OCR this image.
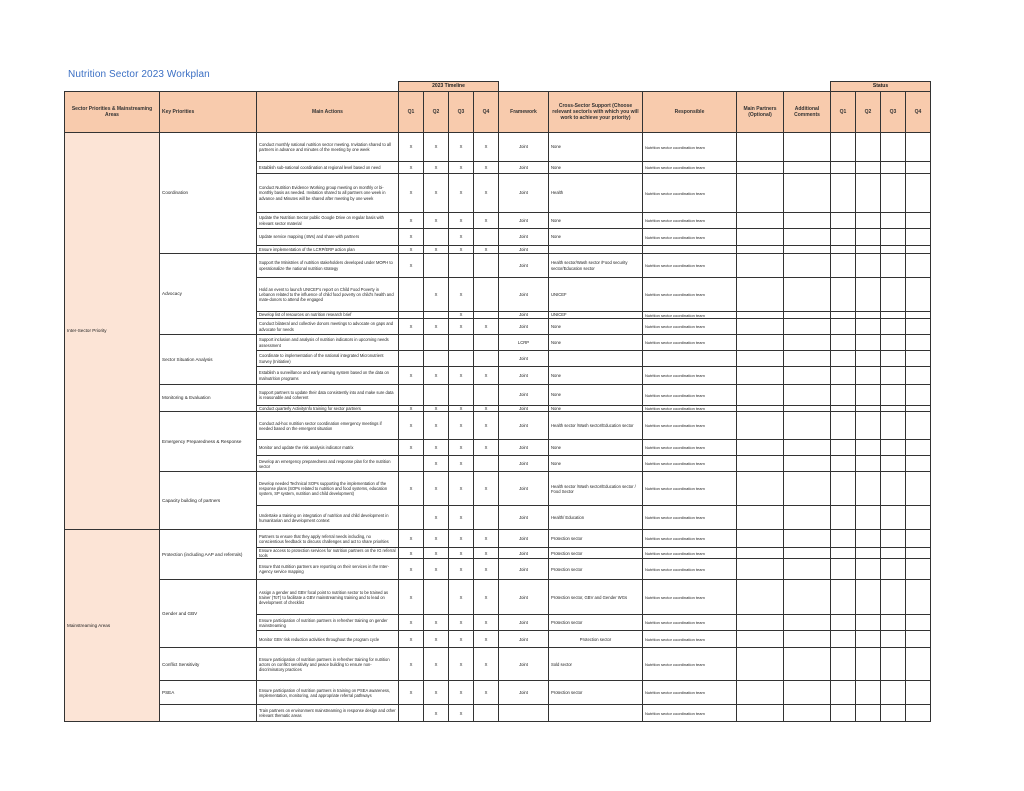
Nutrition Sector 2023 Workplan
			2023 Timeline									Status			
Sector Priorities & Mainstreaming Areas	Key Priorities	Main Actions	Q1	Q2	Q3	Q4	Framework	Cross-Sector Support (Choose relevant sector/s with which you will work to achieve your priority)	Responsible	Main Partners (Optional)	Additional Comments	Q1	Q2	Q3	Q4
Inter-Sector Priority	Coordination	Conduct monthly national nutrition sector meeting. Invitation shared to all partners in advance and minutes of the meeting by one week	X	X	X	X	Joint	None	Nutrition sector coordination team						
		Establish sub-national coordination at regional level based on need	X	X	X	X	Joint	None	Nutrition sector coordination team						
		Conduct Nutrition Evidence Working group meeting on monthly or bi-monthly basis as needed. Invitation shared to all partners one week in advance and Minutes will be shared after meeting by one week	X	X	X	X	Joint	Health	Nutrition sector coordination team						
		Update the Nutrition Sector public Google Drive on regular basis with relevant sector material	X	X	X	X	Joint	None	Nutrition sector coordination team						
		Update service mapping (4Ws) and share with partners	X		X		Joint	None	Nutrition sector coordination team						
		Ensure implementation of the LCRP/ERP action plan	X	X	X	X	Joint								
	Advocacy	Support the Ministries of nutrition stakeholders developed under MOPH to operationalize the national nutrition strategy	X				Joint	Health sector/Wash sector /Food security sector/Education sector	Nutrition sector coordination team						
		Hold an event to launch UNICEF's report on Child Food Poverty in Lebanon related to the influence of child food poverty on child's health and mate-donors to attend /be engaged		X	X		Joint	UNICEF	Nutrition sector coordination team						
		Develop list of resources on nutrition research brief			X		Joint	UNICEF	Nutrition sector coordination team						
		Conduct bilateral and collective donors meetings to advocate on gaps and advocate for needs	X	X	X	X	Joint	None	Nutrition sector coordination team						
	Sector Situation Analysis	Support inclusion and analysis of nutrition indicators in upcoming needs assessment					LCRP	None	Nutrition sector coordination team						
		Coordinate to implementation of the national integrated Micronutrient Survey (Initiative)					Joint								
		Establish a surveillance and early warning system based on the data on malnutrition programs	X	X	X	X	Joint	None	Nutrition sector coordination team						
	Monitoring & Evaluation	Support partners to update their data consistently into and make sure data is reasonable and coherent					Joint	None	Nutrition sector coordination team						
		Conduct quarterly ActivityInfo training for sector partners	X	X	X	X	Joint	None	Nutrition sector coordination team						
	Emergency Preparedness & Response	Conduct ad-hoc nutrition sector coordination emergency meetings if needed based on the emergent situation	X	X	X	X	Joint	Health sector /Wash sector/Education sector	Nutrition sector coordination team						
		Monitor and update the risk analysis indicator matrix	X	X	X	X	Joint	None	Nutrition sector coordination team						
		Develop an emergency preparedness and response plan for the nutrition sector		X	X		Joint	None	Nutrition sector coordination team						
	Capacity building of partners	Develop needed Technical SOPs supporting the implementation of the response plans (SOPs related to nutrition and food systems, education system, SP system, nutrition and child development)	X	X	X	X	Joint	Health sector /Wash sector/Education sector / Food Sector	Nutrition sector coordination team						
		Undertake a training on integration of nutrition and child development in humanitarian and development context		X	X		Joint	Health/ Education	Nutrition sector coordination team						
Mainstreaming Areas	Protection (including AAP and referrals)	Partners to ensure that they apply referral needs including, no conscientious feedback to discuss challenges and act to share priorities	X	X	X	X	Joint	Protection sector	Nutrition sector coordination team						
		Ensure access to protection services for nutrition partners on the IG referral tools	X	X	X	X	Joint	Protection sector	Nutrition sector coordination team						
		Ensure that nutrition partners are reporting on their services in the Inter-Agency service mapping	X	X	X	X	Joint	Protection sector	Nutrition sector coordination team						
	Gender and GBV	Assign a gender and GBV focal point to nutrition sector to be trained as trainer (ToT) to facilitate a GBV mainstreaming training and to lead on development of checklist	X		X	X	Joint	Protection sector, GBV and Gender WGs	Nutrition sector coordination team						
		Ensure participation of nutrition partners in refresher training on gender mainstreaming	X	X	X	X	Joint	Protection sector	Nutrition sector coordination team						
		Monitor GBV risk reduction activities throughout the program cycle	X	X	X	X	Joint	Protection sector	Nutrition sector coordination team						
	Conflict Sensitivity	Ensure participation of nutrition partners in refresher training for nutrition actors on conflict sensitivity and peace building to ensure non-discriminatory practices	X	X	X	X	Joint	Sold sector	Nutrition sector coordination team						
	PSEA	Ensure participation of nutrition partners in training on PSEA awareness, implementation, monitoring, and appropriate referral pathways	X	X	X	X	Joint	Protection sector	Nutrition sector coordination team						
		Train partners on environment mainstreaming in response design and other relevant thematic areas		X	X				Nutrition sector coordination team						
